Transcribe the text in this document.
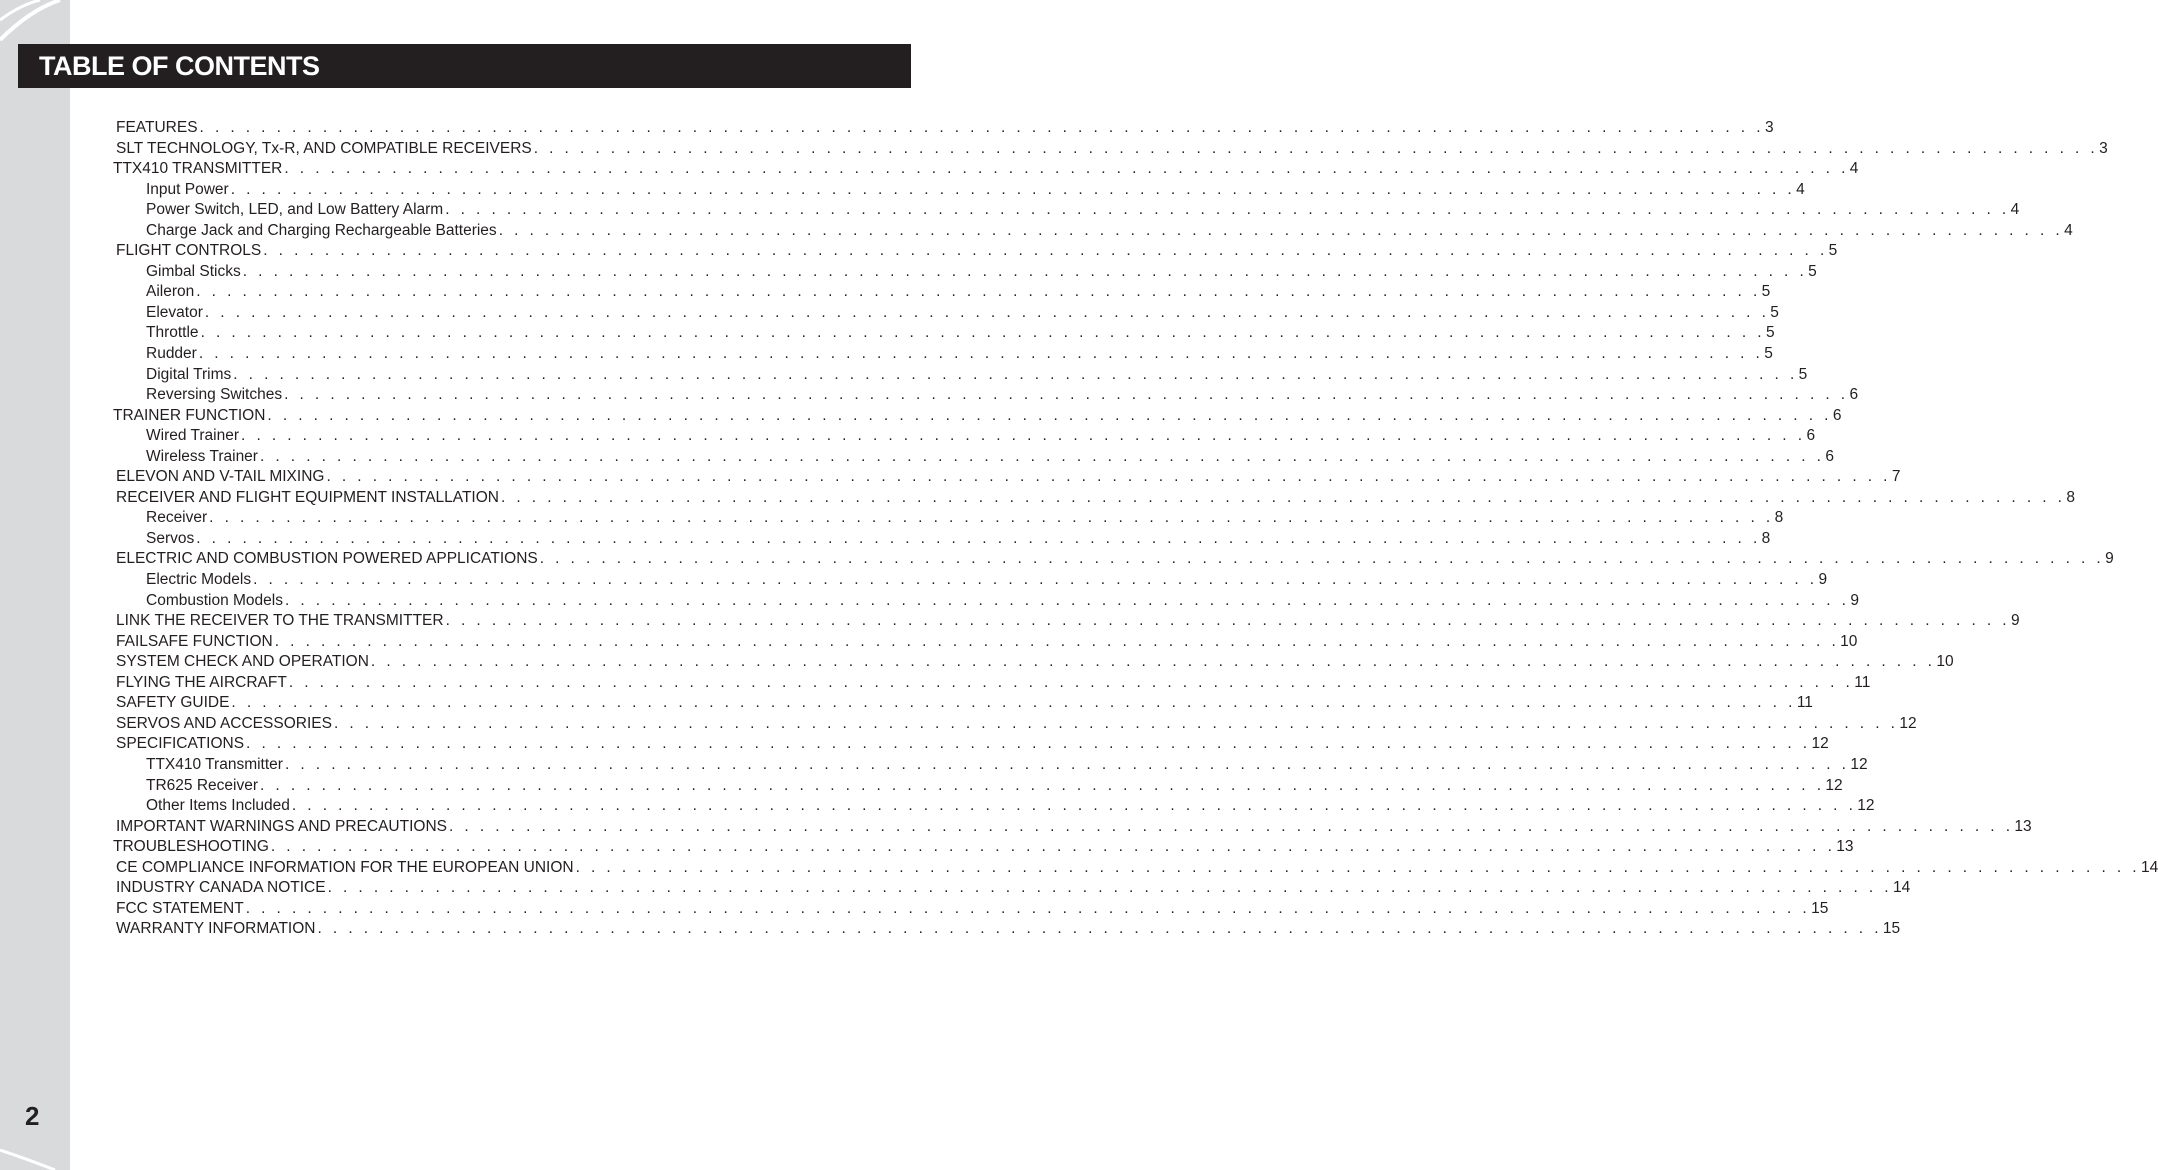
TABLE OF CONTENTS
FEATURES . . . . . . . . . . . . . . . . . . . . . . . . . . . . . . . . . . . . . . . . . . . . . . . . . . . . . . . . . . . . . . . . . . . . . . . . . . . . . . . . . . . . . . . . . . . . . . . . . . . . . . 3
SLT TECHNOLOGY, Tx-R, AND COMPATIBLE RECEIVERS . . . . . . . . . . . . . . . . . . . . . . . . . . . . . . . . . . . . . . . . . . . . . . . . . . . . . . . . . . . . . . . . . . . . . . . . . . . . . . . . . . . . . . . . . . . . . . . . . . . . . . 3
TTX410 TRANSMITTER . . . . . . . . . . . . . . . . . . . . . . . . . . . . . . . . . . . . . . . . . . . . . . . . . . . . . . . . . . . . . . . . . . . . . . . . . . . . . . . . . . . . . . . . . . . . . . . . . . . . . . 4
Input Power . . . . . . . . . . . . . . . . . . . . . . . . . . . . . . . . . . . . . . . . . . . . . . . . . . . . . . . . . . . . . . . . . . . . . . . . . . . . . . . . . . . . . . . . . . . . . . . . . . . . . . 4
Power Switch, LED, and Low Battery Alarm . . . . . . . . . . . . . . . . . . . . . . . . . . . . . . . . . . . . . . . . . . . . . . . . . . . . . . . . . . . . . . . . . . . . . . . . . . . . . . . . . . . . . . . . . . . . . . . . . . . . . . 4
Charge Jack and Charging Rechargeable Batteries . . . . . . . . . . . . . . . . . . . . . . . . . . . . . . . . . . . . . . . . . . . . . . . . . . . . . . . . . . . . . . . . . . . . . . . . . . . . . . . . . . . . . . . . . . . . . . . . . . . . . . 4
FLIGHT CONTROLS . . . . . . . . . . . . . . . . . . . . . . . . . . . . . . . . . . . . . . . . . . . . . . . . . . . . . . . . . . . . . . . . . . . . . . . . . . . . . . . . . . . . . . . . . . . . . . . . . . . . . . 5
Gimbal Sticks . . . . . . . . . . . . . . . . . . . . . . . . . . . . . . . . . . . . . . . . . . . . . . . . . . . . . . . . . . . . . . . . . . . . . . . . . . . . . . . . . . . . . . . . . . . . . . . . . . . . . . 5
Aileron . . . . . . . . . . . . . . . . . . . . . . . . . . . . . . . . . . . . . . . . . . . . . . . . . . . . . . . . . . . . . . . . . . . . . . . . . . . . . . . . . . . . . . . . . . . . . . . . . . . . . . 5
Elevator . . . . . . . . . . . . . . . . . . . . . . . . . . . . . . . . . . . . . . . . . . . . . . . . . . . . . . . . . . . . . . . . . . . . . . . . . . . . . . . . . . . . . . . . . . . . . . . . . . . . . . 5
Throttle . . . . . . . . . . . . . . . . . . . . . . . . . . . . . . . . . . . . . . . . . . . . . . . . . . . . . . . . . . . . . . . . . . . . . . . . . . . . . . . . . . . . . . . . . . . . . . . . . . . . . . 5
Rudder . . . . . . . . . . . . . . . . . . . . . . . . . . . . . . . . . . . . . . . . . . . . . . . . . . . . . . . . . . . . . . . . . . . . . . . . . . . . . . . . . . . . . . . . . . . . . . . . . . . . . . 5
Digital Trims . . . . . . . . . . . . . . . . . . . . . . . . . . . . . . . . . . . . . . . . . . . . . . . . . . . . . . . . . . . . . . . . . . . . . . . . . . . . . . . . . . . . . . . . . . . . . . . . . . . . . . 5
Reversing Switches . . . . . . . . . . . . . . . . . . . . . . . . . . . . . . . . . . . . . . . . . . . . . . . . . . . . . . . . . . . . . . . . . . . . . . . . . . . . . . . . . . . . . . . . . . . . . . . . . . . . . . 6
TRAINER FUNCTION . . . . . . . . . . . . . . . . . . . . . . . . . . . . . . . . . . . . . . . . . . . . . . . . . . . . . . . . . . . . . . . . . . . . . . . . . . . . . . . . . . . . . . . . . . . . . . . . . . . . . . 6
Wired Trainer . . . . . . . . . . . . . . . . . . . . . . . . . . . . . . . . . . . . . . . . . . . . . . . . . . . . . . . . . . . . . . . . . . . . . . . . . . . . . . . . . . . . . . . . . . . . . . . . . . . . . . 6
Wireless Trainer . . . . . . . . . . . . . . . . . . . . . . . . . . . . . . . . . . . . . . . . . . . . . . . . . . . . . . . . . . . . . . . . . . . . . . . . . . . . . . . . . . . . . . . . . . . . . . . . . . . . . . 6
ELEVON AND V-TAIL MIXING . . . . . . . . . . . . . . . . . . . . . . . . . . . . . . . . . . . . . . . . . . . . . . . . . . . . . . . . . . . . . . . . . . . . . . . . . . . . . . . . . . . . . . . . . . . . . . . . . . . . . . 7
RECEIVER AND FLIGHT EQUIPMENT INSTALLATION . . . . . . . . . . . . . . . . . . . . . . . . . . . . . . . . . . . . . . . . . . . . . . . . . . . . . . . . . . . . . . . . . . . . . . . . . . . . . . . . . . . . . . . . . . . . . . . . . . . . . . 8
Receiver . . . . . . . . . . . . . . . . . . . . . . . . . . . . . . . . . . . . . . . . . . . . . . . . . . . . . . . . . . . . . . . . . . . . . . . . . . . . . . . . . . . . . . . . . . . . . . . . . . . . . . 8
Servos . . . . . . . . . . . . . . . . . . . . . . . . . . . . . . . . . . . . . . . . . . . . . . . . . . . . . . . . . . . . . . . . . . . . . . . . . . . . . . . . . . . . . . . . . . . . . . . . . . . . . . 8
ELECTRIC AND COMBUSTION POWERED APPLICATIONS . . . . . . . . . . . . . . . . . . . . . . . . . . . . . . . . . . . . . . . . . . . . . . . . . . . . . . . . . . . . . . . . . . . . . . . . . . . . . . . . . . . . . . . . . . . . . . . . . . . . . . 9
Electric Models . . . . . . . . . . . . . . . . . . . . . . . . . . . . . . . . . . . . . . . . . . . . . . . . . . . . . . . . . . . . . . . . . . . . . . . . . . . . . . . . . . . . . . . . . . . . . . . . . . . . . . 9
Combustion Models . . . . . . . . . . . . . . . . . . . . . . . . . . . . . . . . . . . . . . . . . . . . . . . . . . . . . . . . . . . . . . . . . . . . . . . . . . . . . . . . . . . . . . . . . . . . . . . . . . . . . . 9
LINK THE RECEIVER TO THE TRANSMITTER . . . . . . . . . . . . . . . . . . . . . . . . . . . . . . . . . . . . . . . . . . . . . . . . . . . . . . . . . . . . . . . . . . . . . . . . . . . . . . . . . . . . . . . . . . . . . . . . . . . . . . 9
FAILSAFE FUNCTION . . . . . . . . . . . . . . . . . . . . . . . . . . . . . . . . . . . . . . . . . . . . . . . . . . . . . . . . . . . . . . . . . . . . . . . . . . . . . . . . . . . . . . . . . . . . . . . . . . . . . . 10
SYSTEM CHECK AND OPERATION . . . . . . . . . . . . . . . . . . . . . . . . . . . . . . . . . . . . . . . . . . . . . . . . . . . . . . . . . . . . . . . . . . . . . . . . . . . . . . . . . . . . . . . . . . . . . . . . . . . . . . 10
FLYING THE AIRCRAFT . . . . . . . . . . . . . . . . . . . . . . . . . . . . . . . . . . . . . . . . . . . . . . . . . . . . . . . . . . . . . . . . . . . . . . . . . . . . . . . . . . . . . . . . . . . . . . . . . . . . . . 11
SAFETY GUIDE . . . . . . . . . . . . . . . . . . . . . . . . . . . . . . . . . . . . . . . . . . . . . . . . . . . . . . . . . . . . . . . . . . . . . . . . . . . . . . . . . . . . . . . . . . . . . . . . . . . . . . 11
SERVOS AND ACCESSORIES . . . . . . . . . . . . . . . . . . . . . . . . . . . . . . . . . . . . . . . . . . . . . . . . . . . . . . . . . . . . . . . . . . . . . . . . . . . . . . . . . . . . . . . . . . . . . . . . . . . . . . 12
SPECIFICATIONS . . . . . . . . . . . . . . . . . . . . . . . . . . . . . . . . . . . . . . . . . . . . . . . . . . . . . . . . . . . . . . . . . . . . . . . . . . . . . . . . . . . . . . . . . . . . . . . . . . . . . . 12
TTX410 Transmitter . . . . . . . . . . . . . . . . . . . . . . . . . . . . . . . . . . . . . . . . . . . . . . . . . . . . . . . . . . . . . . . . . . . . . . . . . . . . . . . . . . . . . . . . . . . . . . . . . . . . . . 12
TR625 Receiver . . . . . . . . . . . . . . . . . . . . . . . . . . . . . . . . . . . . . . . . . . . . . . . . . . . . . . . . . . . . . . . . . . . . . . . . . . . . . . . . . . . . . . . . . . . . . . . . . . . . . . 12
Other Items Included . . . . . . . . . . . . . . . . . . . . . . . . . . . . . . . . . . . . . . . . . . . . . . . . . . . . . . . . . . . . . . . . . . . . . . . . . . . . . . . . . . . . . . . . . . . . . . . . . . . . . . 12
IMPORTANT WARNINGS AND PRECAUTIONS . . . . . . . . . . . . . . . . . . . . . . . . . . . . . . . . . . . . . . . . . . . . . . . . . . . . . . . . . . . . . . . . . . . . . . . . . . . . . . . . . . . . . . . . . . . . . . . . . . . . . . 13
TROUBLESHOOTING . . . . . . . . . . . . . . . . . . . . . . . . . . . . . . . . . . . . . . . . . . . . . . . . . . . . . . . . . . . . . . . . . . . . . . . . . . . . . . . . . . . . . . . . . . . . . . . . . . . . . . 13
CE COMPLIANCE INFORMATION FOR THE EUROPEAN UNION . . . . . . . . . . . . . . . . . . . . . . . . . . . . . . . . . . . . . . . . . . . . . . . . . . . . . . . . . . . . . . . . . . . . . . . . . . . . . . . . . . . . . . . . . . . . . . . . . . . . . . 14
INDUSTRY CANADA NOTICE . . . . . . . . . . . . . . . . . . . . . . . . . . . . . . . . . . . . . . . . . . . . . . . . . . . . . . . . . . . . . . . . . . . . . . . . . . . . . . . . . . . . . . . . . . . . . . . . . . . . . . 14
FCC STATEMENT . . . . . . . . . . . . . . . . . . . . . . . . . . . . . . . . . . . . . . . . . . . . . . . . . . . . . . . . . . . . . . . . . . . . . . . . . . . . . . . . . . . . . . . . . . . . . . . . . . . . . . 15
WARRANTY INFORMATION . . . . . . . . . . . . . . . . . . . . . . . . . . . . . . . . . . . . . . . . . . . . . . . . . . . . . . . . . . . . . . . . . . . . . . . . . . . . . . . . . . . . . . . . . . . . . . . . . . . . . . 15
2
